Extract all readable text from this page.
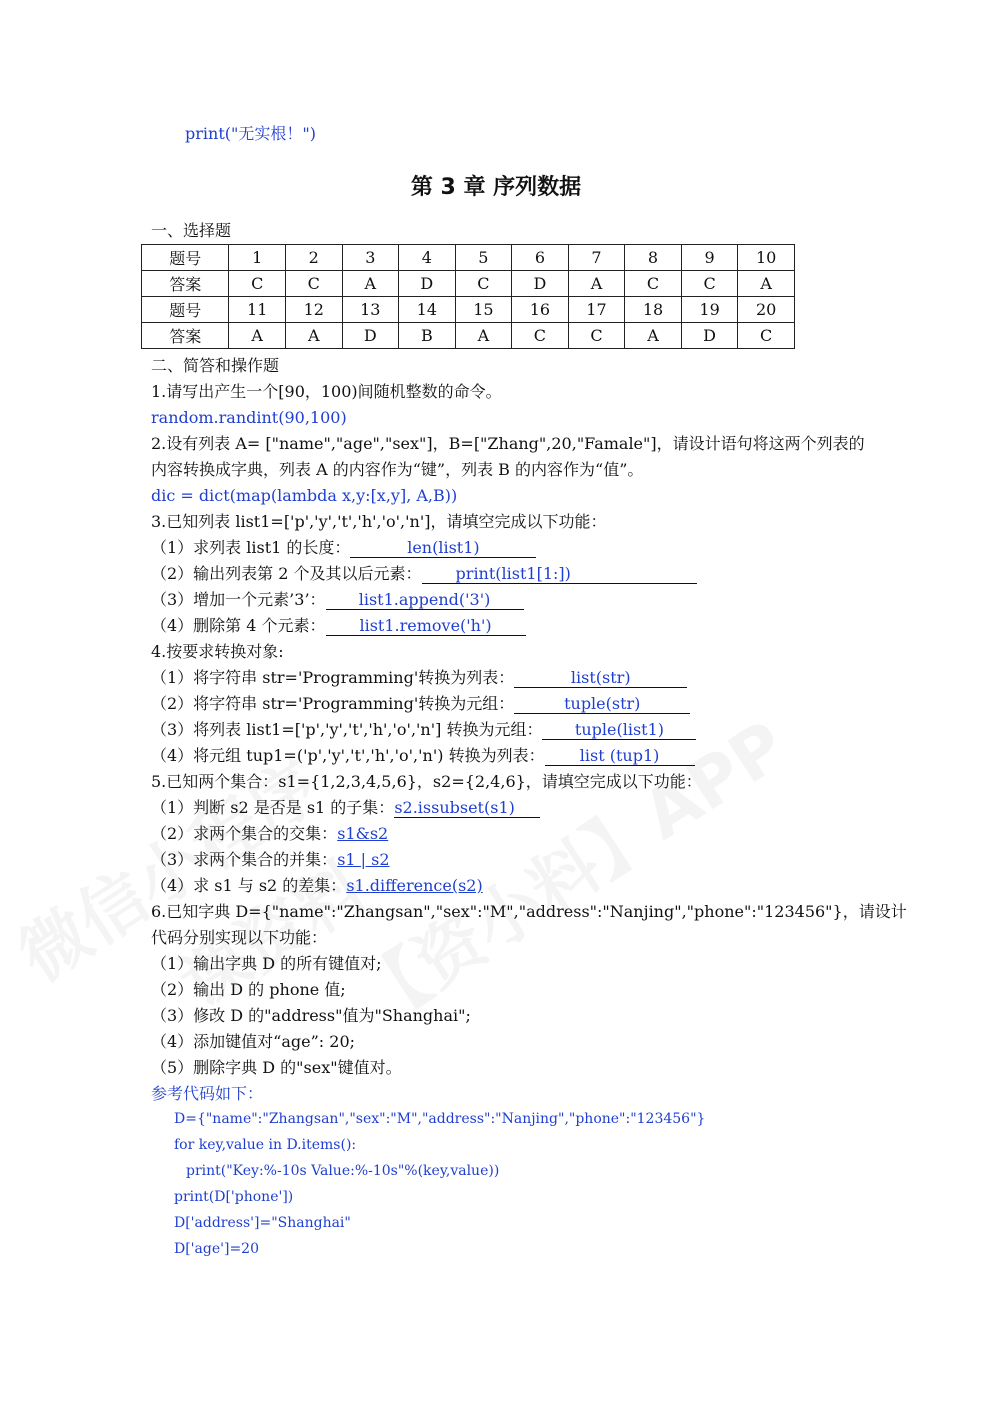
print("无实根！")
第 3 章 序列数据
一、选择题
题号	1	2	3	4	5	6	7	8	9	10
答案	C	C	A	D	C	D	A	C	C	A
题号	11	12	13	14	15	16	17	18	19	20
答案	A	A	D	B	A	C	C	A	D	C
二、简答和操作题
1.请写出产生一个[90，100)间随机整数的命令。
random.randint(90,100)
2.设有列表 A= ["name","age","sex"]，B=["Zhang",20,"Famale"]，请设计语句将这两个列表的
内容转换成字典，列表 A 的内容作为“键”，列表 B 的内容作为“值”。
dic = dict(map(lambda x,y:[x,y], A,B))
3.已知列表 list1=['p','y','t','h','o','n']，请填空完成以下功能：
（1）求列表 list1 的长度：	len(list1)
（2）输出列表第 2 个及其以后元素： print(list1[1:])
（3）增加一个元素’3’： list1.append('3')
（4）删除第 4 个元素： list1.remove('h')
4.按要求转换对象:
（1）将字符串 str='Programming'转换为列表：	list(str)
（2）将字符串 str='Programming'转换为元组：	tuple(str)
（3）将列表 list1=['p','y','t','h','o','n'] 转换为元组： tuple(list1)
（4）将元组 tup1=('p','y','t','h','o','n') 转换为列表： list (tup1)
5.已知两个集合：s1={1,2,3,4,5,6}，s2={2,4,6}，请填空完成以下功能：
（1）判断 s2 是否是 s1 的子集：s2.issubset(s1)
（2）求两个集合的交集：s1&s2
（3）求两个集合的并集：s1 | s2
（4）求 s1 与 s2 的差集：s1.difference(s2)
6.已知字典 D={"name":"Zhangsan","sex":"M","address":"Nanjing","phone":"123456"}，请设计
代码分别实现以下功能：
（1）输出字典 D 的所有键值对;
（2）输出 D 的 phone 值;
（3）修改 D 的"address"值为"Shanghai";
（4）添加键值对“age”: 20;
（5）删除字典 D 的"sex"键值对。
参考代码如下：
D={"name":"Zhangsan","sex":"M","address":"Nanjing","phone":"123456"}
for key,value in D.items():
print("Key:%-10s Value:%-10s"%(key,value))
print(D['phone'])
D['address']="Shanghai"
D['age']=20
